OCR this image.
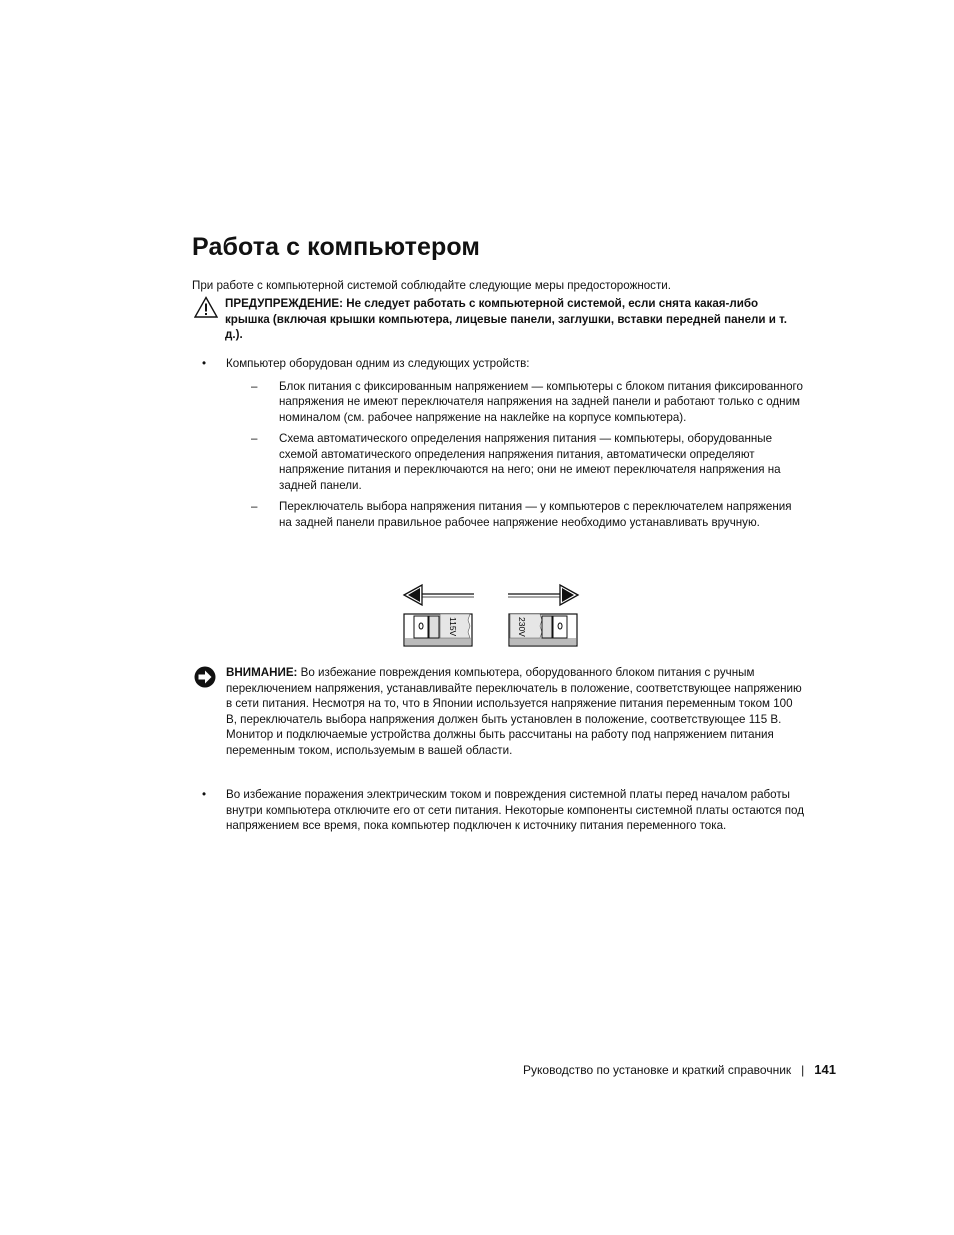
Работа с компьютером
При работе с компьютерной системой соблюдайте следующие меры предосторожности.
ПРЕДУПРЕЖДЕНИЕ: Не следует работать с компьютерной системой, если снята какая-либо крышка (включая крышки компьютера, лицевые панели, заглушки, вставки передней панели и т. д.).
• Компьютер оборудован одним из следующих устройств:
– Блок питания с фиксированным напряжением — компьютеры с блоком питания фиксированного напряжения не имеют переключателя напряжения на задней панели и работают только с одним номиналом (см. рабочее напряжение на наклейке на корпусе компьютера).
– Схема автоматического определения напряжения питания — компьютеры, оборудованные схемой автоматического определения напряжения питания, автоматически определяют напряжение питания и переключаются на него; они не имеют переключателя напряжения на задней панели.
– Переключатель выбора напряжения питания — у компьютеров с переключателем напряжения на задней панели правильное рабочее напряжение необходимо устанавливать вручную.
115V	230V
ВНИМАНИЕ: Во избежание повреждения компьютера, оборудованного блоком питания с ручным переключением напряжения, устанавливайте переключатель в положение, соответствующее напряжению в сети питания. Несмотря на то, что в Японии используется напряжение питания переменным током 100 В, переключатель выбора напряжения должен быть установлен в положение, соответствующее 115 В. Монитор и подключаемые устройства должны быть рассчитаны на работу под напряжением питания переменным током, используемым в вашей области.
• Во избежание поражения электрическим током и повреждения системной платы перед началом работы внутри компьютера отключите его от сети питания. Некоторые компоненты системной платы остаются под напряжением все время, пока компьютер подключен к источнику питания переменного тока.
Руководство по установке и краткий справочник | 141
